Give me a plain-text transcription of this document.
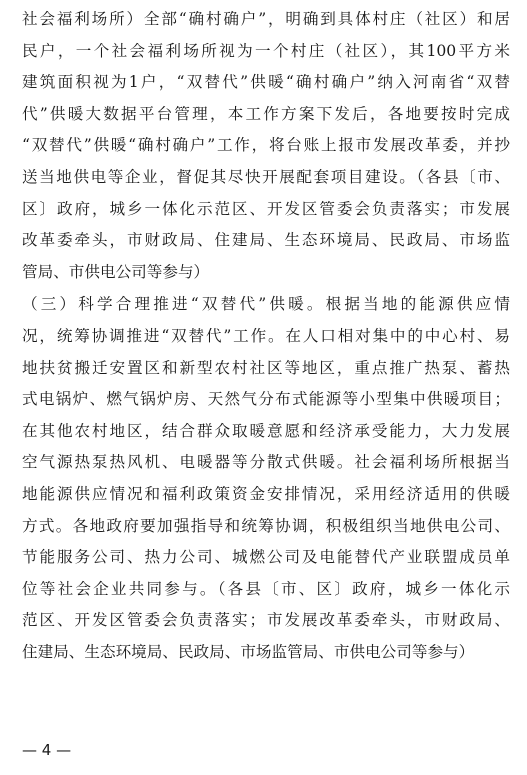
社会福利场所）全部“确村确户”，明确到具体村庄（社区）和居
民户，一个社会福利场所视为一个村庄（社区），其100平方米
建筑面积视为1户，“双替代”供暖“确村确户”纳入河南省“双替
代”供暖大数据平台管理，本工作方案下发后，各地要按时完成
“双替代”供暖“确村确户”工作，将台账上报市发展改革委，并抄
送当地供电等企业，督促其尽快开展配套项目建设。（各县〔市、
区〕政府，城乡一体化示范区、开发区管委会负责落实；市发展
改革委牵头，市财政局、住建局、生态环境局、民政局、市场监
管局、市供电公司等参与）
（三）科学合理推进“双替代”供暖。根据当地的能源供应情
况，统筹协调推进“双替代”工作。在人口相对集中的中心村、易
地扶贫搬迁安置区和新型农村社区等地区，重点推广热泵、蓄热
式电锅炉、燃气锅炉房、天然气分布式能源等小型集中供暖项目；
在其他农村地区，结合群众取暖意愿和经济承受能力，大力发展
空气源热泵热风机、电暖器等分散式供暖。社会福利场所根据当
地能源供应情况和福利政策资金安排情况，采用经济适用的供暖
方式。各地政府要加强指导和统筹协调，积极组织当地供电公司、
节能服务公司、热力公司、城燃公司及电能替代产业联盟成员单
位等社会企业共同参与。（各县〔市、区〕政府，城乡一体化示
范区、开发区管委会负责落实；市发展改革委牵头，市财政局、
住建局、生态环境局、民政局、市场监管局、市供电公司等参与）
— 4 —
